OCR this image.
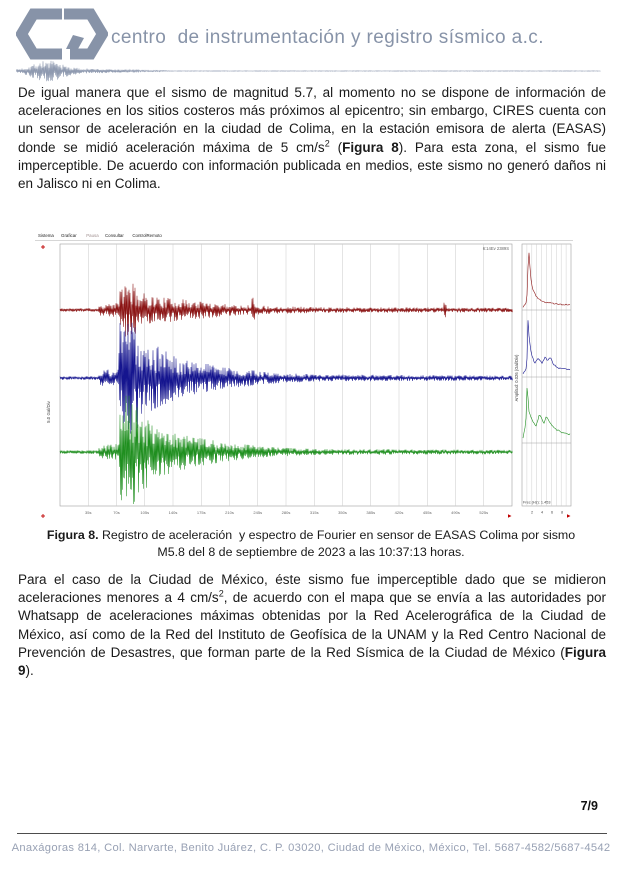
centro  de instrumentación y registro sísmico a.c.

De igual manera que el sismo de magnitud 5.7, al momento no se dispone de información de aceleraciones en los sitios costeros más próximos al epicentro; sin embargo, CIRES cuenta con un sensor de aceleración en la ciudad de Colima, en la estación emisora de alerta (EASAS) donde se midió aceleración máxima de 5 $cm/s^2$ (Figura 8). Para esta zona, el sismo fue imperceptible. De acuerdo con información publicada en medios, este sismo no generó daños ni en Jalisco ni en Colima.

Sistema Graficar Pausa Consultar ControlRemoto
6:14Ev 2389S
35s	70s	105s	140s	175s	210s	245s	280s	315s	350s	385s	420s	455s	490s	525s
5.0 Gal/Div
Amplitud: 0.026 (Gal/Div)
Frec (Hz): 1.453
2 4 6 8

Figura 8. Registro de aceleración  y espectro de Fourier en sensor de EASAS Colima por sismo M5.8 del 8 de septiembre de 2023 a las 10:37:13 horas.

Para el caso de la Ciudad de México, éste sismo fue imperceptible dado que se midieron aceleraciones menores a 4 $cm/s^2$, de acuerdo con el mapa que se envía a las autoridades por Whatsapp de aceleraciones máximas obtenidas por la Red Acelerográfica de la Ciudad de México, así como de la Red del Instituto de Geofísica de la UNAM y la Red Centro Nacional de Prevención de Desastres, que forman parte de la Red Sísmica de la Ciudad de México (Figura 9).

7/9
Anaxágoras 814, Col. Narvarte, Benito Juárez, C. P. 03020, Ciudad de México, México, Tel. 5687-4582/5687-4542
